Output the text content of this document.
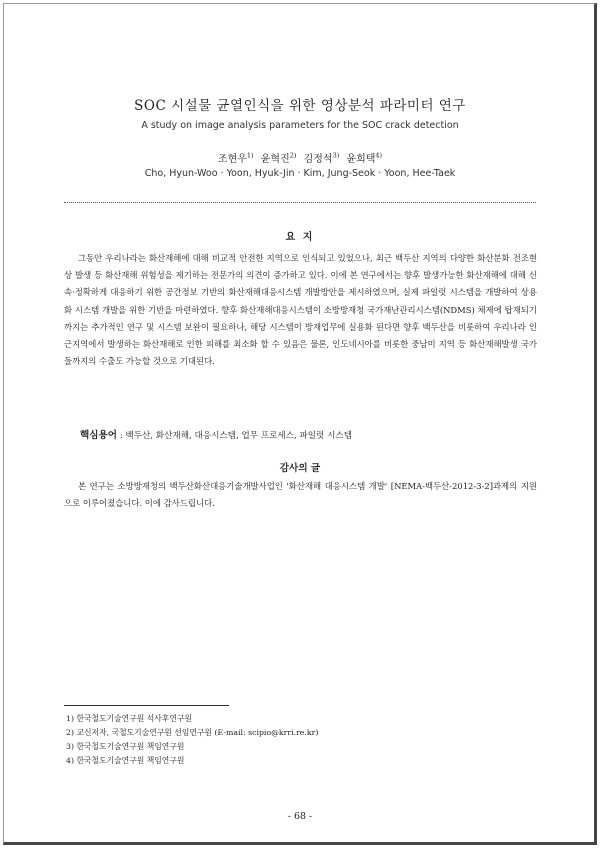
SOC 시설물 균열인식을 위한 영상분석 파라미터 연구
A study on image analysis parameters for the SOC crack detection
조현우$^{1)}$ 윤혁진$^{2)}$ 김정석$^{3)}$ 윤희택$^{4)}$
Cho, Hyun-Woo · Yoon, Hyuk-Jin · Kim, Jung-Seok · Yoon, Hee-Taek
요 지

그동안 우리나라는 화산재해에 대해 비교적 안전한 지역으로 인식되고 있었으나, 최근 백두산 지역의 다양한 화산분화 전조현상 발생 등 화산재해 위험성을 제기하는 전문가의 의견이 증가하고 있다. 이에 본 연구에서는 향후 발생가능한 화산재해에 대해 신속·정확하게 대응하기 위한 공간정보 기반의 화산재해대응시스템 개발방안을 제시하였으며, 실제 파일럿 시스템을 개발하여 상용화 시스템 개발을 위한 기반을 마련하였다. 향후 화산재해대응시스템이 소방방재청 국가재난관리시스템(NDMS) 체제에 탑재되기까지는 추가적인 연구 및 시스템 보완이 필요하나, 해당 시스템이 방재업무에 실용화 된다면 향후 백두산을 비롯하여 우리나라 인근지역에서 발생하는 화산재해로 인한 피해를 최소화 할 수 있음은 물론, 인도네시아를 비롯한 중남미 지역 등 화산재해발생 국가들까지의 수출도 가능할 것으로 기대된다.

핵심용어 : 백두산, 화산재해, 대응시스템, 업무 프로세스, 파일럿 시스템
감사의 글

본 연구는 소방방재청의 백두산화산대응기술개발사업인 '화산재해 대응시스템 개발' [NEMA-백두산-2012-3-2]과제의 지원으로 이루어졌습니다. 이에 감사드립니다.

1) 한국철도기술연구원 석사후연구원
2) 교신저자, 국철도기술연구원 선임연구원 (E-mail: scipio@krri.re.kr)
3) 한국철도기술연구원 책임연구원
4) 한국철도기술연구원 책임연구원
- 68 -
